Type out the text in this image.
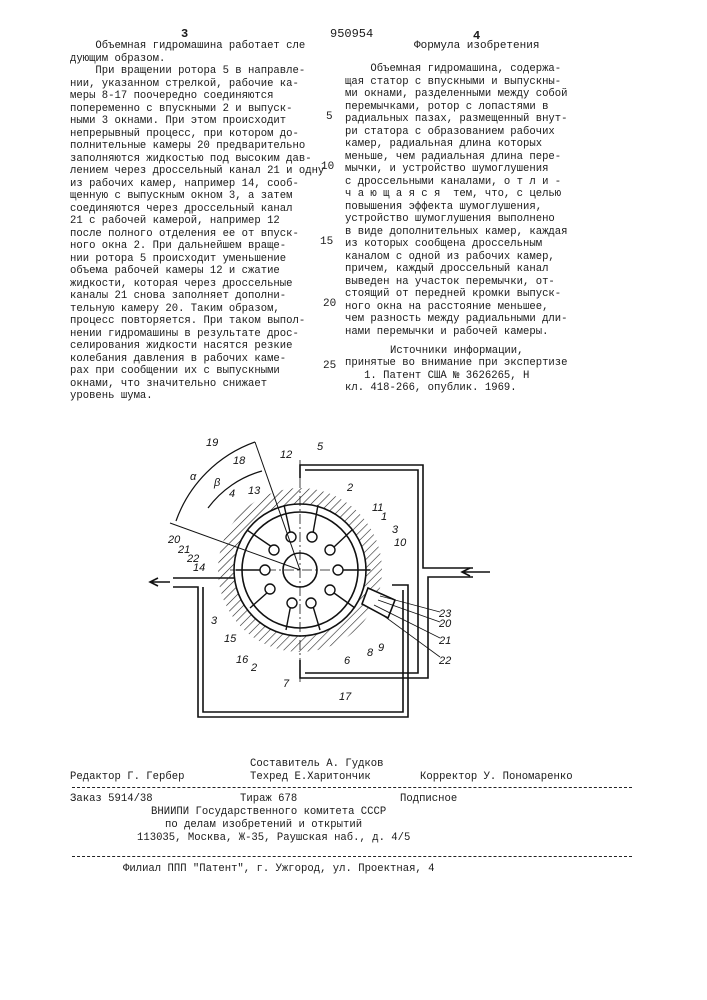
3	950954	4
Объемная гидромашина работает сле
дующим образом.
При вращении ротора 5 в направле-
нии, указанном стрелкой, рабочие ка-
меры 8-17 поочередно соединяются
попеременно с впускными 2 и выпуск-
ными 3 окнами. При этом происходит
непрерывный процесс, при котором до-
полнительные камеры 20 предварительно
заполняются жидкостью под высоким дав-
лением через дроссельный канал 21 и одну
из рабочих камер, например 14, сооб-
щенную с выпускным окном 3, а затем
соединяются через дроссельный канал
21 с рабочей камерой, например 12
после полного отделения ее от впуск-
ного окна 2. При дальнейшем враще-
нии ротора 5 происходит уменьшение
объема рабочей камеры 12 и сжатие
жидкости, которая через дроссельные
каналы 21 снова заполняет дополни-
тельную камеру 20. Таким образом,
процесс повторяется. При таком выпол-
нении гидромашины в результате дрос-
селирования жидкости насятся резкие
колебания давления в рабочих каме-
рах при сообщении их с выпускными
окнами, что значительно снижает
уровень шума.
5
10
15
20
25
Формула изобретения
Объемная гидромашина, содержа-
щая статор с впускными и выпускны-
ми окнами, разделенными между собой
перемычками, ротор с лопастями в
радиальных пазах, размещенный внут-
ри статора с образованием рабочих
камер, радиальная длина которых
меньше, чем радиальная длина пере-
мычки, и устройство шумоглушения
с дроссельными каналами, о т л и -
ч а ю щ а я с я  тем, что, с целью
повышения эффекта шумоглушения,
устройство шумоглушения выполнено
в виде дополнительных камер, каждая
из которых сообщена дроссельным
каналом с одной из рабочих камер,
причем, каждый дроссельный канал
выведен на участок перемычки, от-
стоящий от передней кромки выпуск-
ного окна на расстояние меньшее,
чем разность между радиальными дли-
нами перемычки и рабочей камеры.
Источники информации,
принятые во внимание при экспертизе
1. Патент США № 3626265, Н
кл. 418-266, опублик. 1969.
19
α
18
β
4 13
12
5
2
11
1
3
10
20
21
22
14
3
15
16
2
7
17
6
8 9
23
20
21
22
Составитель А. Гудков
Редактор Г. Гербер	Техред Е.Харитончик	Корректор У. Пономаренко
Заказ 5914/38	Тираж 678	Подписное
ВНИИПИ Государственного комитета СССР
по делам изобретений и открытий
113035, Москва, Ж-35, Раушская наб., д. 4/5
Филиал ППП "Патент", г. Ужгород, ул. Проектная, 4
